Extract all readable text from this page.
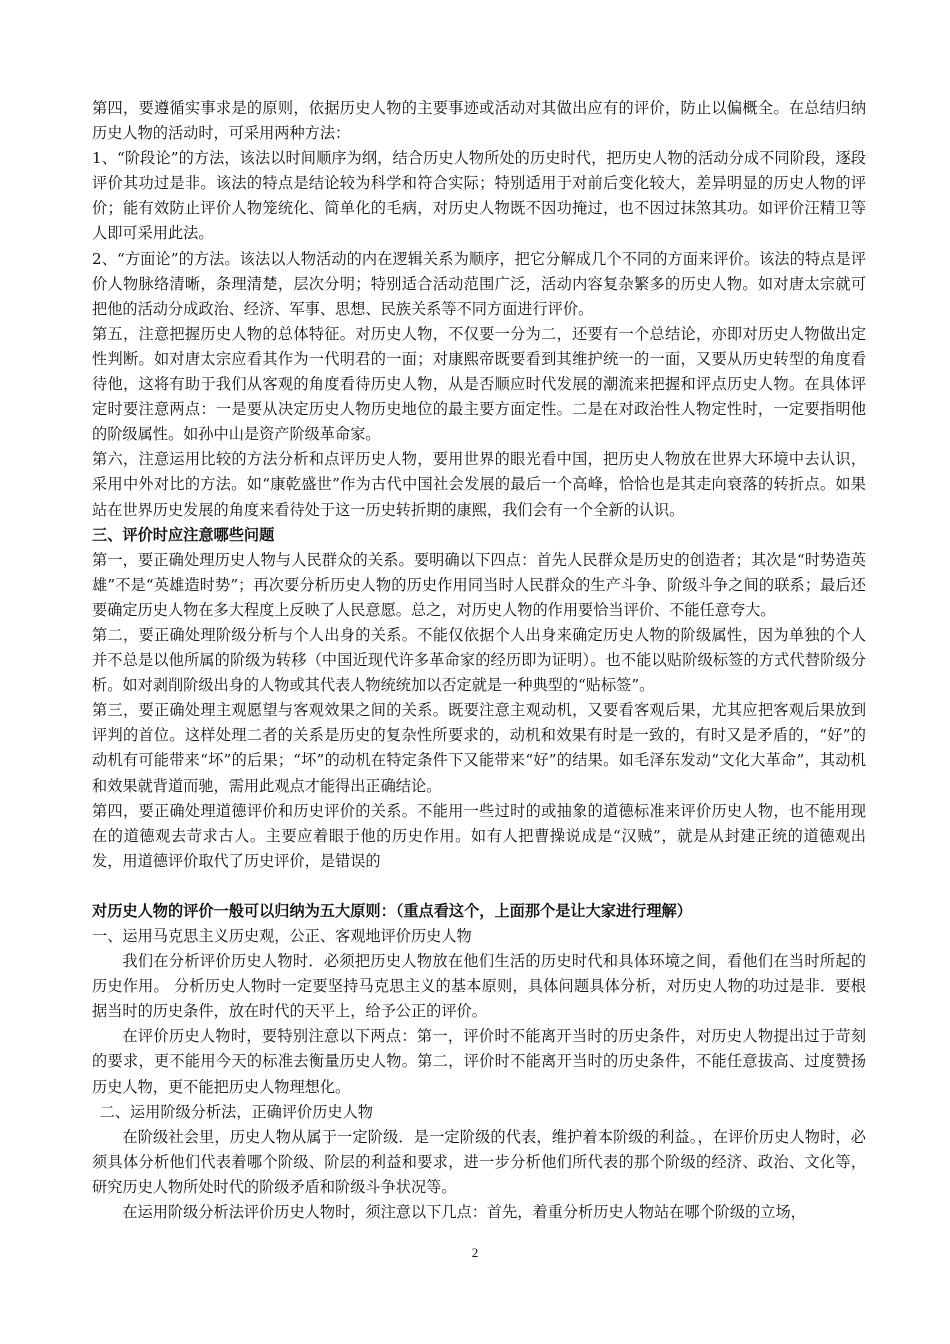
第四，要遵循实事求是的原则，依据历史人物的主要事迹或活动对其做出应有的评价，防止以偏概全。在总结归纳历史人物的活动时，可采用两种方法：

1、“阶段论”的方法，该法以时间顺序为纲，结合历史人物所处的历史时代，把历史人物的活动分成不同阶段，逐段评价其功过是非。该法的特点是结论较为科学和符合实际；特别适用于对前后变化较大，差异明显的历史人物的评价；能有效防止评价人物笼统化、简单化的毛病，对历史人物既不因功掩过，也不因过抹煞其功。如评价汪精卫等人即可采用此法。

2、“方面论”的方法。该法以人物活动的内在逻辑关系为顺序，把它分解成几个不同的方面来评价。该法的特点是评价人物脉络清晰，条理清楚，层次分明；特别适合活动范围广泛，活动内容复杂繁多的历史人物。如对唐太宗就可把他的活动分成政治、经济、军事、思想、民族关系等不同方面进行评价。

第五，注意把握历史人物的总体特征。对历史人物，不仅要一分为二，还要有一个总结论，亦即对历史人物做出定性判断。如对唐太宗应看其作为一代明君的一面；对康熙帝既要看到其维护统一的一面，又要从历史转型的角度看待他，这将有助于我们从客观的角度看待历史人物，从是否顺应时代发展的潮流来把握和评点历史人物。在具体评定时要注意两点：一是要从决定历史人物历史地位的最主要方面定性。二是在对政治性人物定性时，一定要指明他的阶级属性。如孙中山是资产阶级革命家。

第六，注意运用比较的方法分析和点评历史人物，要用世界的眼光看中国，把历史人物放在世界大环境中去认识，采用中外对比的方法。如“康乾盛世”作为古代中国社会发展的最后一个高峰，恰恰也是其走向衰落的转折点。如果站在世界历史发展的角度来看待处于这一历史转折期的康熙，我们会有一个全新的认识。

三、评价时应注意哪些问题

第一，要正确处理历史人物与人民群众的关系。要明确以下四点：首先人民群众是历史的创造者；其次是“时势造英雄”不是“英雄造时势”；再次要分析历史人物的历史作用同当时人民群众的生产斗争、阶级斗争之间的联系；最后还要确定历史人物在多大程度上反映了人民意愿。总之，对历史人物的作用要恰当评价、不能任意夸大。

第二，要正确处理阶级分析与个人出身的关系。不能仅依据个人出身来确定历史人物的阶级属性，因为单独的个人并不总是以他所属的阶级为转移（中国近现代许多革命家的经历即为证明）。也不能以贴阶级标签的方式代替阶级分析。如对剥削阶级出身的人物或其代表人物统统加以否定就是一种典型的“贴标签”。

第三，要正确处理主观愿望与客观效果之间的关系。既要注意主观动机，又要看客观后果，尤其应把客观后果放到评判的首位。这样处理二者的关系是历史的复杂性所要求的，动机和效果有时是一致的，有时又是矛盾的，“好”的动机有可能带来“坏”的后果；“坏”的动机在特定条件下又能带来“好”的结果。如毛泽东发动“文化大革命”，其动机和效果就背道而驰，需用此观点才能得出正确结论。

第四，要正确处理道德评价和历史评价的关系。不能用一些过时的或抽象的道德标准来评价历史人物，也不能用现在的道德观去苛求古人。主要应着眼于他的历史作用。如有人把曹操说成是“汉贼”，就是从封建正统的道德观出发，用道德评价取代了历史评价，是错误的

对历史人物的评价一般可以归纳为五大原则：（重点看这个，上面那个是让大家进行理解）

一、运用马克思主义历史观，公正、客观地评价历史人物

我们在分析评价历史人物时．必须把历史人物放在他们生活的历史时代和具体环境之间，看他们在当时所起的历史作用。 分析历史人物时一定要坚持马克思主义的基本原则，具体问题具体分析，对历史人物的功过是非．要根据当时的历史条件，放在时代的天平上，给予公正的评价。

在评价历史人物时，要特别注意以下两点：第一，评价时不能离开当时的历史条件，对历史人物提出过于苛刻的要求，更不能用今天的标准去衡量历史人物。第二，评价时不能离开当时的历史条件，不能任意拔高、过度赞扬历史人物，更不能把历史人物理想化。

二、运用阶级分析法，正确评价历史人物

在阶级社会里，历史人物从属于一定阶级．是一定阶级的代表，维护着本阶级的利益。，在评价历史人物时，必须具体分析他们代表着哪个阶级、阶层的利益和要求，进一步分析他们所代表的那个阶级的经济、政治、文化等，研究历史人物所处时代的阶级矛盾和阶级斗争状况等。

在运用阶级分析法评价历史人物时，须注意以下几点：首先，着重分析历史人物站在哪个阶级的立场，

2
